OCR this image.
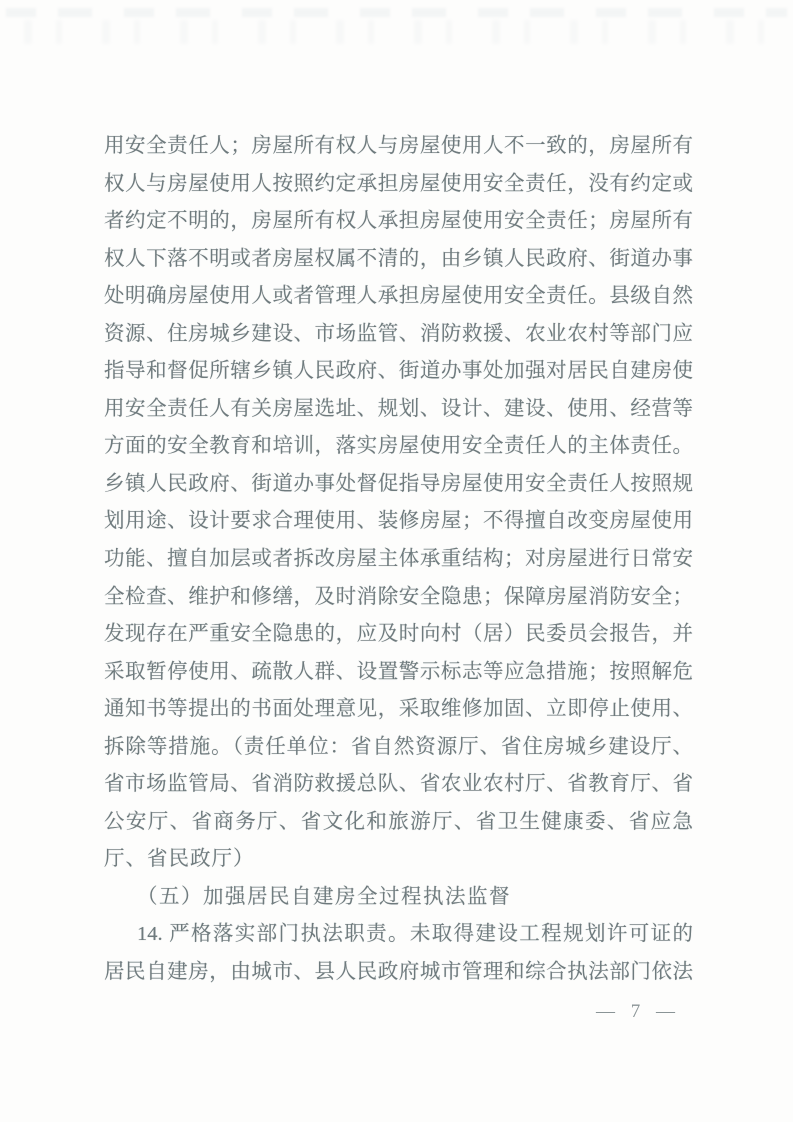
用安全责任人；房屋所有权人与房屋使用人不一致的，房屋所有
权人与房屋使用人按照约定承担房屋使用安全责任，没有约定或
者约定不明的，房屋所有权人承担房屋使用安全责任；房屋所有
权人下落不明或者房屋权属不清的，由乡镇人民政府、街道办事
处明确房屋使用人或者管理人承担房屋使用安全责任。县级自然
资源、住房城乡建设、市场监管、消防救援、农业农村等部门应
指导和督促所辖乡镇人民政府、街道办事处加强对居民自建房使
用安全责任人有关房屋选址、规划、设计、建设、使用、经营等
方面的安全教育和培训，落实房屋使用安全责任人的主体责任。
乡镇人民政府、街道办事处督促指导房屋使用安全责任人按照规
划用途、设计要求合理使用、装修房屋；不得擅自改变房屋使用
功能、擅自加层或者拆改房屋主体承重结构；对房屋进行日常安
全检查、维护和修缮，及时消除安全隐患；保障房屋消防安全；
发现存在严重安全隐患的，应及时向村（居）民委员会报告，并
采取暂停使用、疏散人群、设置警示标志等应急措施；按照解危
通知书等提出的书面处理意见，采取维修加固、立即停止使用、
拆除等措施。（责任单位：省自然资源厅、省住房城乡建设厅、
省市场监管局、省消防救援总队、省农业农村厅、省教育厅、省
公安厅、省商务厅、省文化和旅游厅、省卫生健康委、省应急
厅、省民政厅）
（五）加强居民自建房全过程执法监督
14. 严格落实部门执法职责。未取得建设工程规划许可证的
居民自建房，由城市、县人民政府城市管理和综合执法部门依法
— 7 —
